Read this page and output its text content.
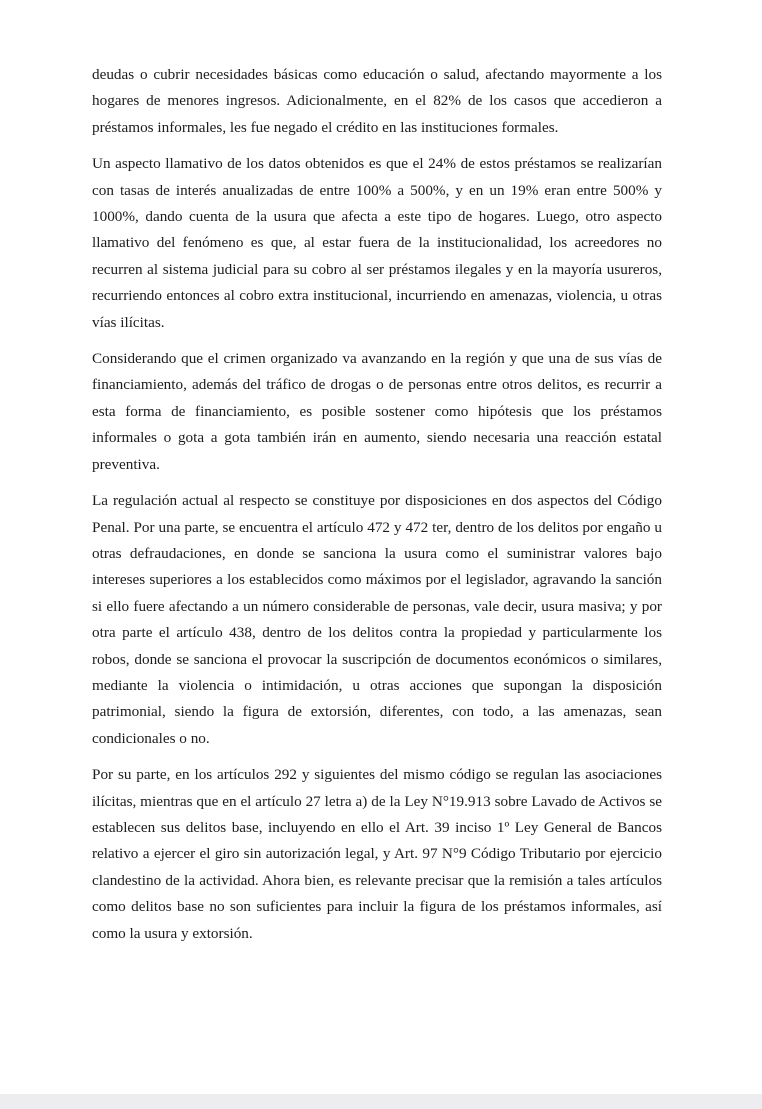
deudas o cubrir necesidades básicas como educación o salud, afectando mayormente a los hogares de menores ingresos. Adicionalmente, en el 82% de los casos que accedieron a préstamos informales, les fue negado el crédito en las instituciones formales.

Un aspecto llamativo de los datos obtenidos es que el 24% de estos préstamos se realizarían con tasas de interés anualizadas de entre 100% a 500%, y en un 19% eran entre 500% y 1000%, dando cuenta de la usura que afecta a este tipo de hogares. Luego, otro aspecto llamativo del fenómeno es que, al estar fuera de la institucionalidad, los acreedores no recurren al sistema judicial para su cobro al ser préstamos ilegales y en la mayoría usureros, recurriendo entonces al cobro extra institucional, incurriendo en amenazas, violencia, u otras vías ilícitas.

Considerando que el crimen organizado va avanzando en la región y que una de sus vías de financiamiento, además del tráfico de drogas o de personas entre otros delitos, es recurrir a esta forma de financiamiento, es posible sostener como hipótesis que los préstamos informales o gota a gota también irán en aumento, siendo necesaria una reacción estatal preventiva.

La regulación actual al respecto se constituye por disposiciones en dos aspectos del Código Penal. Por una parte, se encuentra el artículo 472 y 472 ter, dentro de los delitos por engaño u otras defraudaciones, en donde se sanciona la usura como el suministrar valores bajo intereses superiores a los establecidos como máximos por el legislador, agravando la sanción si ello fuere afectando a un número considerable de personas, vale decir, usura masiva; y por otra parte el artículo 438, dentro de los delitos contra la propiedad y particularmente los robos, donde se sanciona el provocar la suscripción de documentos económicos o similares, mediante la violencia o intimidación, u otras acciones que supongan la disposición patrimonial, siendo la figura de extorsión, diferentes, con todo, a las amenazas, sean condicionales o no.

Por su parte, en los artículos 292 y siguientes del mismo código se regulan las asociaciones ilícitas, mientras que en el artículo 27 letra a) de la Ley N°19.913 sobre Lavado de Activos se establecen sus delitos base, incluyendo en ello el Art. 39 inciso 1º Ley General de Bancos relativo a ejercer el giro sin autorización legal, y Art. 97 N°9 Código Tributario por ejercicio clandestino de la actividad. Ahora bien, es relevante precisar que la remisión a tales artículos como delitos base no son suficientes para incluir la figura de los préstamos informales, así como la usura y extorsión.
